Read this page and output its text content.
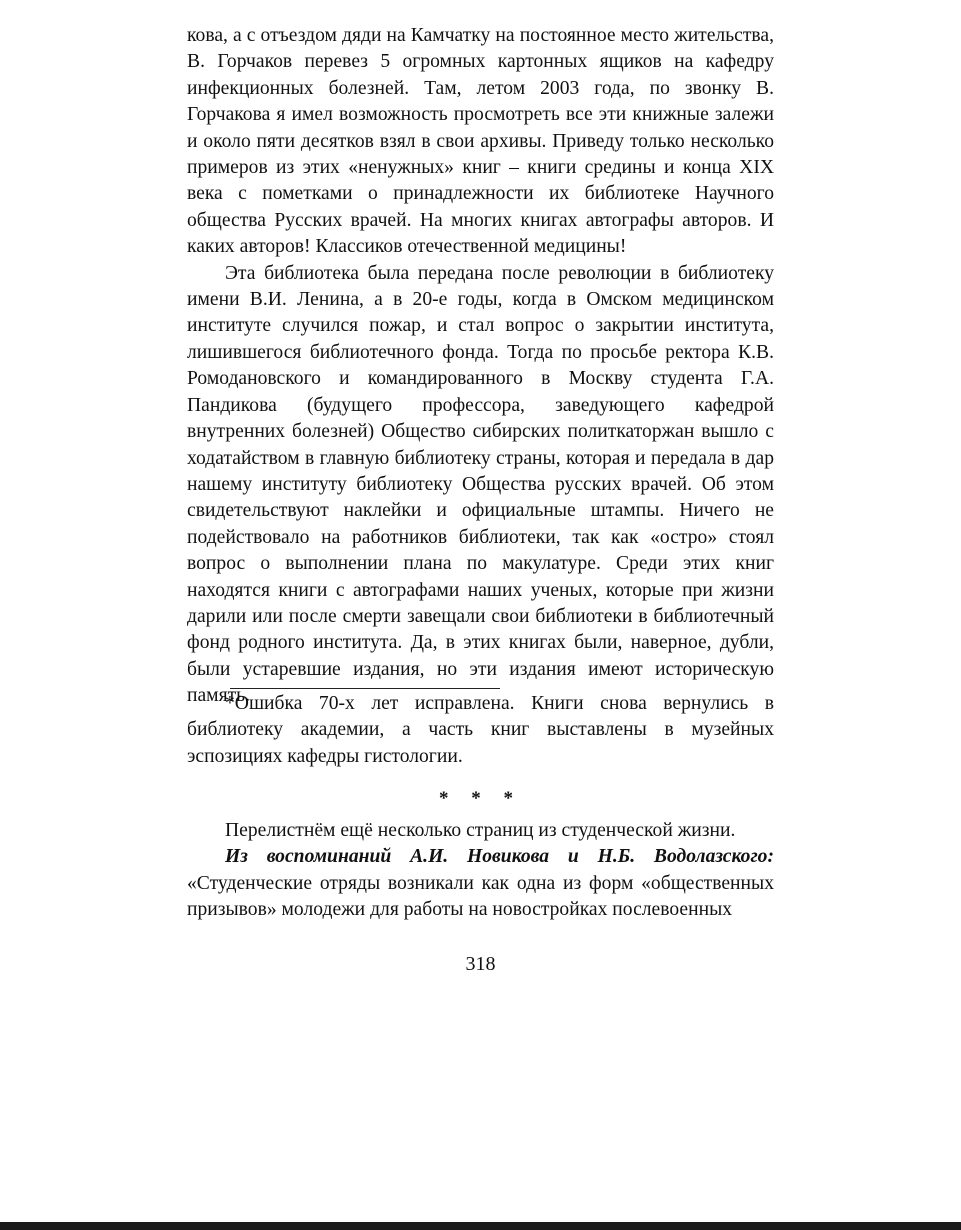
кова, а с отъездом дяди на Камчатку на постоянное место жительства, В. Горчаков перевез 5 огромных картонных ящиков на кафедру инфекционных болезней. Там, летом 2003 года, по звонку В. Горчакова я имел возможность просмотреть все эти книжные залежи и около пяти десятков взял в свои архивы. Приведу только несколько примеров из этих «ненужных» книг – книги средины и конца XIX века с пометками о принадлежности их библиотеке Научного общества Русских врачей. На многих книгах автографы авторов. И каких авторов! Классиков отечественной медицины!

Эта библиотека была передана после революции в библиотеку имени В.И. Ленина, а в 20-е годы, когда в Омском медицинском институте случился пожар, и стал вопрос о закрытии института, лишившегося библиотечного фонда. Тогда по просьбе ректора К.В. Ромодановского и командированного в Москву студента Г.А. Пандикова (будущего профессора, заведующего кафедрой внутренних болезней) Общество сибирских политкаторжан вышло с ходатайством в главную библиотеку страны, которая и передала в дар нашему институту библиотеку Общества русских врачей. Об этом свидетельствуют наклейки и официальные штампы. Ничего не подействовало на работников библиотеки, так как «остро» стоял вопрос о выполнении плана по макулатуре. Среди этих книг находятся книги с автографами наших ученых, которые при жизни дарили или после смерти завещали свои библиотеки в библиотечный фонд родного института. Да, в этих книгах были, наверное, дубли, были устаревшие издания, но эти издания имеют историческую память.

*Ошибка 70-х лет исправлена. Книги снова вернулись в библиотеку академии, а часть книг выставлены в музейных эспозициях кафедры гистологии.

* * *

Перелистнём ещё несколько страниц из студенческой жизни.

Из воспоминаний А.И. Новикова и Н.Б. Водолазского: «Студенческие отряды возникали как одна из форм «общественных призывов» молодежи для работы на новостройках послевоенных

318
